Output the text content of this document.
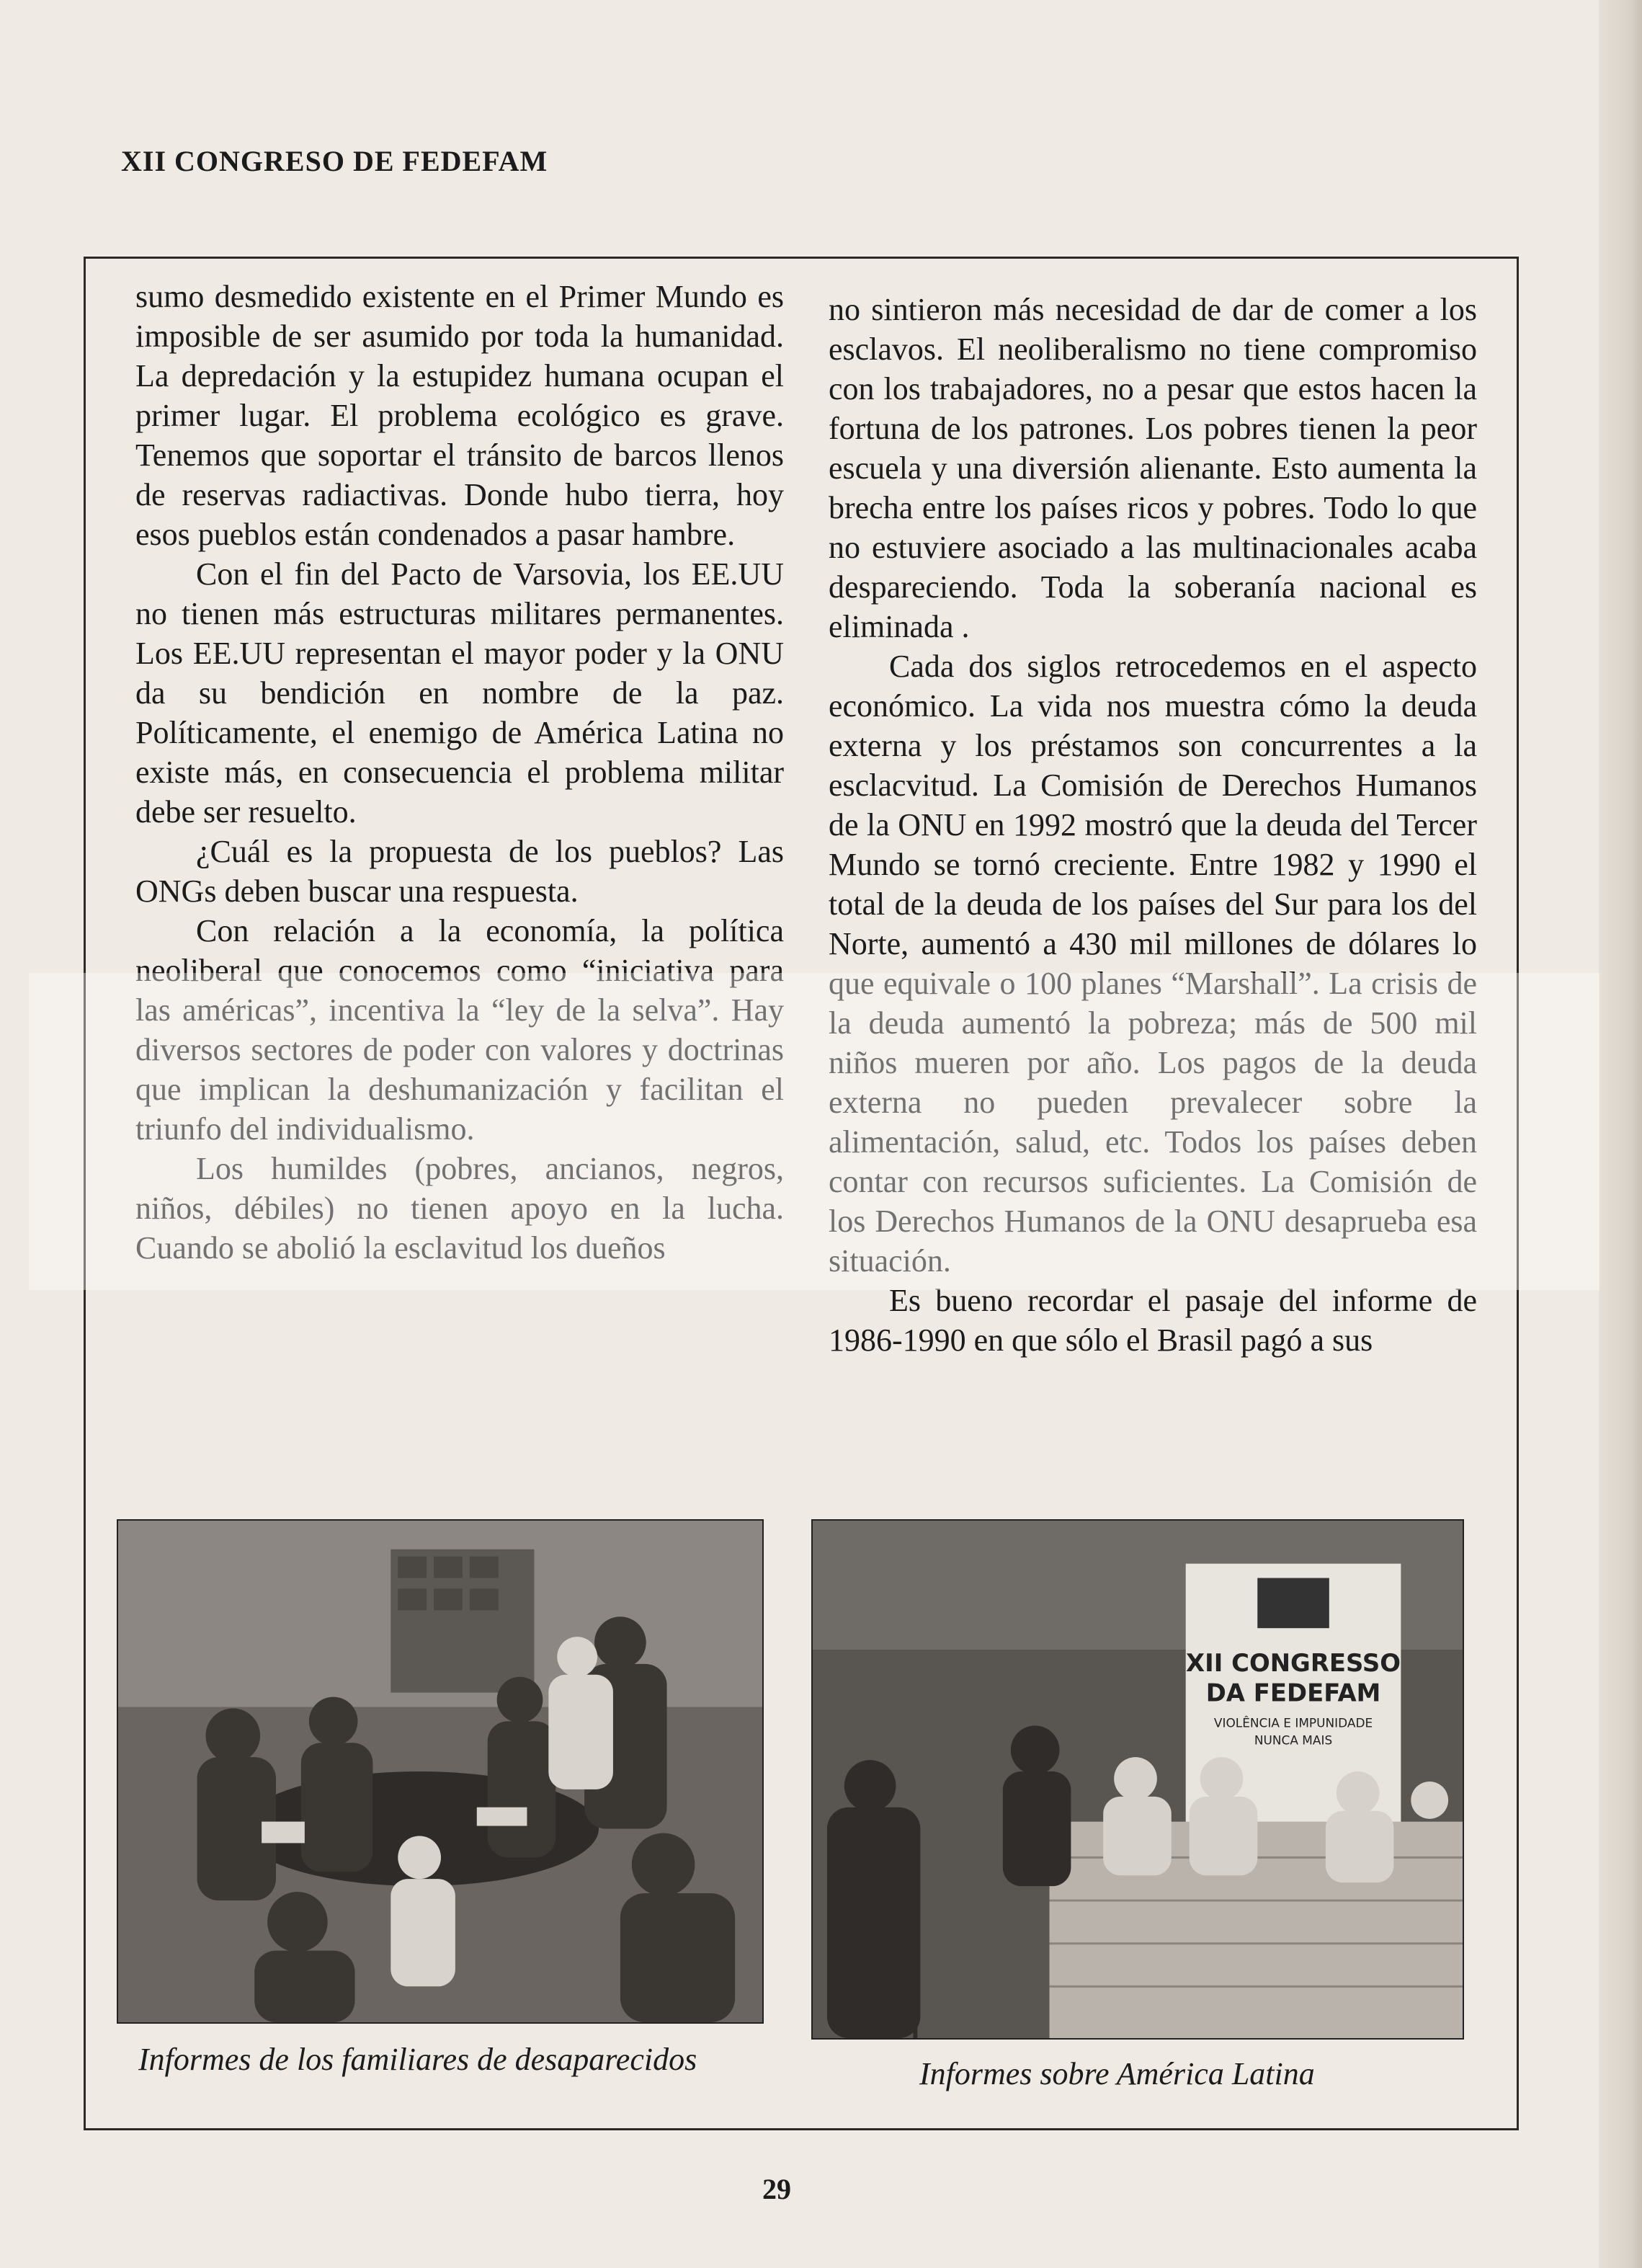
XII CONGRESO DE FEDEFAM

sumo desmedido existente en el Primer Mundo es imposible de ser asumido por toda la humanidad. La depredación y la estupidez humana ocupan el primer lugar. El problema ecológico es grave. Tenemos que soportar el tránsito de barcos llenos de reservas radiactivas. Donde hubo tierra, hoy esos pueblos están condenados a pasar hambre.

Con el fin del Pacto de Varsovia, los EE.UU no tienen más estructuras militares permanentes. Los EE.UU representan el mayor poder y la ONU da su bendición en nombre de la paz. Políticamente, el enemigo de América Latina no existe más, en consecuencia el problema militar debe ser resuelto.

¿Cuál es la propuesta de los pueblos? Las ONGs deben buscar una respuesta.

Con relación a la economía, la política neoliberal que conocemos como “iniciativa para las américas”, incentiva la “ley de la selva”. Hay diversos sectores de poder con valores y doctrinas que implican la deshumanización y facilitan el triunfo del individualismo.

Los humildes (pobres, ancianos, negros, niños, débiles) no tienen apoyo en la lucha. Cuando se abolió la esclavitud los dueños

no sintieron más necesidad de dar de comer a los esclavos. El neoliberalismo no tiene compromiso con los trabajadores, no a pesar que estos hacen la fortuna de los patrones. Los pobres tienen la peor escuela y una diversión alienante. Esto aumenta la brecha entre los países ricos y pobres. Todo lo que no estuviere asociado a las multinacionales acaba despareciendo. Toda la soberanía nacional es eliminada .

Cada dos siglos retrocedemos en el aspecto económico. La vida nos muestra cómo la deuda externa y los préstamos son concurrentes a la esclacvitud. La Comisión de Derechos Humanos de la ONU en 1992 mostró que la deuda del Tercer Mundo se tornó creciente. Entre 1982 y 1990 el total de la deuda de los países del Sur para los del Norte, aumentó a 430 mil millones de dólares lo que equivale o 100 planes “Marshall”. La crisis de la deuda aumentó la pobreza; más de 500 mil niños mueren por año. Los pagos de la deuda externa no pueden prevalecer sobre la alimentación, salud, etc. Todos los países deben contar con recursos suficientes. La Comisión de los Derechos Humanos de la ONU desaprueba esa situación.

Es bueno recordar el pasaje del informe de 1986-1990 en que sólo el Brasil pagó a sus

XII CONGRESSO
DA FEDEFAM
VIOLÊNCIA E IMPUNIDADE
NUNCA MAIS
Informes de los familiares de desaparecidos	Informes sobre América Latina
29
